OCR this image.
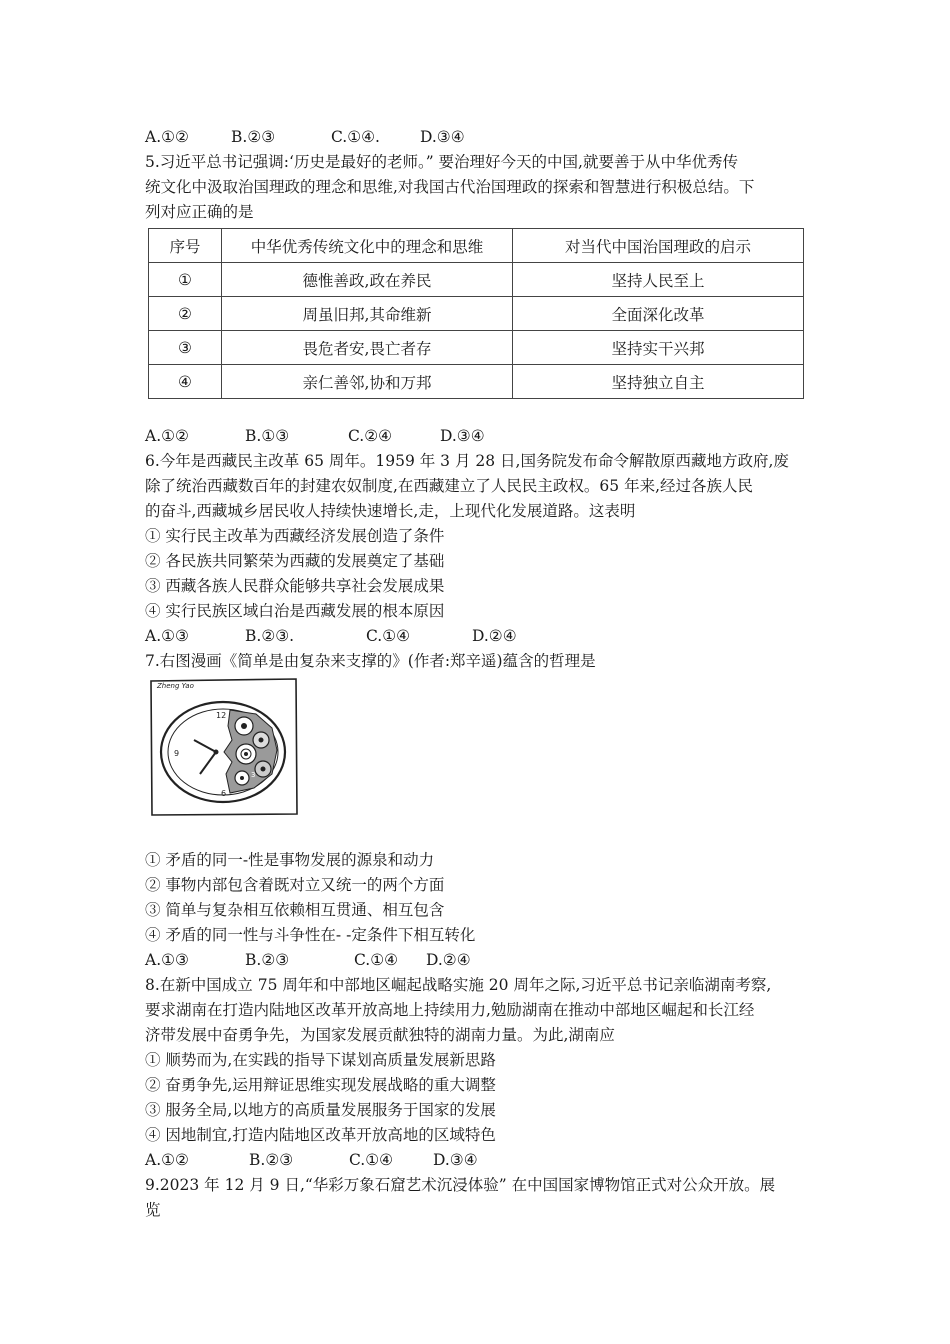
A.①②	B.②③	C.①④.	D.③④
5.习近平总书记强调:‘历史是最好的老师。” 要治理好今天的中国,就要善于从中华优秀传
统文化中汲取治国理政的理念和思维,对我国古代治国理政的探索和智慧进行积极总结。下
列对应正确的是
序号	中华优秀传统文化中的理念和思维	对当代中国治国理政的启示
①	德惟善政,政在养民	坚持人民至上
②	周虽旧邦,其命维新	全面深化改革
③	畏危者安,畏亡者存	坚持实干兴邦
④	亲仁善邻,协和万邦	坚持独立自主
A.①②	B.①③	C.②④	D.③④
6.今年是西藏民主改革 65 周年。1959 年 3 月 28 日,国务院发布命令解散原西藏地方政府,废
除了统治西藏数百年的封建农奴制度,在西藏建立了人民民主政权。65 年来,经过各族人民
的奋斗,西藏城乡居民收人持续快速增长,走，上现代化发展道路。这表明
① 实行民主改革为西藏经济发展创造了条件
② 各民族共同繁荣为西藏的发展奠定了基础
③ 西藏各族人民群众能够共享社会发展成果
④ 实行民族区域白治是西藏发展的根本原因
A.①③	B.②③.	C.①④	D.②④
7.右图漫画《简单是由复杂来支撑的》(作者:郑辛遥)蕴含的哲理是
Zheng Yao
12
3
6
9
① 矛盾的同一-性是事物发展的源泉和动力
② 事物内部包含着既对立又统一的两个方面
③ 简单与复杂相互依赖相互贯通、相互包含
④ 矛盾的同一性与斗争性在- -定条件下相互转化
A.①③	B.②③	C.①④ D.②④
8.在新中国成立 75 周年和中部地区崛起战略实施 20 周年之际,习近平总书记亲临湖南考察,
要求湖南在打造内陆地区改革开放高地上持续用力,勉励湖南在推动中部地区崛起和长江经
济带发展中奋勇争先，为国家发展贡献独特的湖南力量。为此,湖南应
① 顺势而为,在实践的指导下谋划高质量发展新思路
② 奋勇争先,运用辩证思维实现发展战略的重大调整
③ 服务全局,以地方的高质量发展服务于国家的发展
④ 因地制宜,打造内陆地区改革开放高地的区域特色
A.①②	B.②③	C.①④	D.③④
9.2023 年 12 月 9 日,“华彩万象石窟艺术沉浸体验” 在中国国家博物馆正式对公众开放。展
览
